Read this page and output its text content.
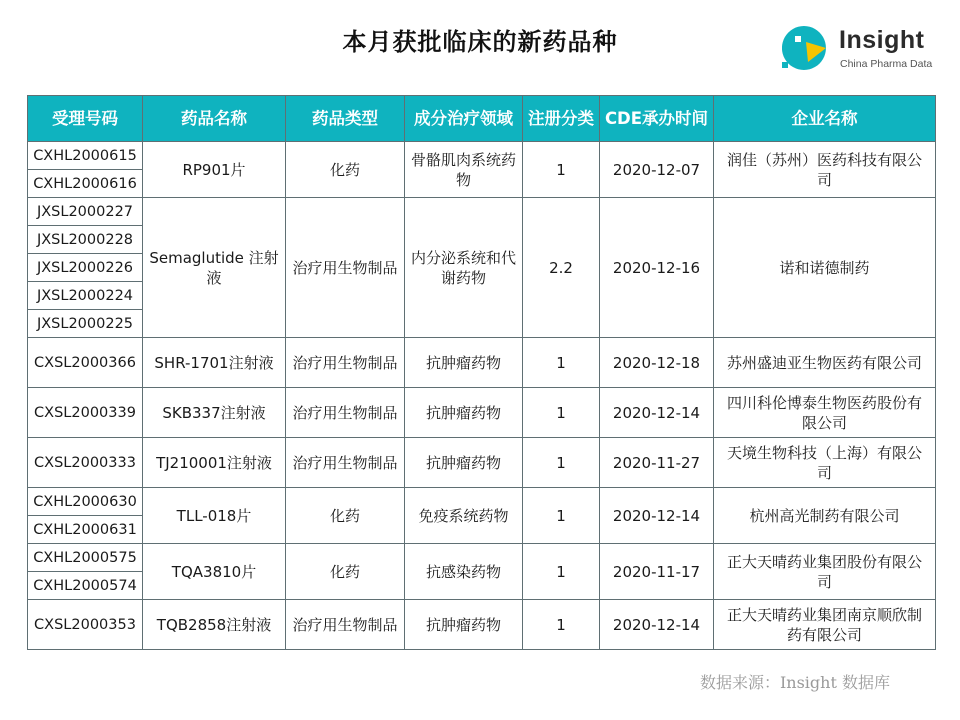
本月获批临床的新药品种	Insight
China Pharma Data
受理号码	药品名称	药品类型	成分治疗领域	注册分类	CDE承办时间	企业名称
CXHL2000615	RP901片	化药	骨骼肌肉系统药物	1	2020-12-07	润佳（苏州）医药科技有限公司
CXHL2000616						
JXSL2000227	Semaglutide 注射液	治疗用生物制品	内分泌系统和代谢药物	2.2	2020-12-16	诺和诺德制药
JXSL2000228						
JXSL2000226						
JXSL2000224						
JXSL2000225						
CXSL2000366	SHR-1701注射液	治疗用生物制品	抗肿瘤药物	1	2020-12-18	苏州盛迪亚生物医药有限公司
CXSL2000339	SKB337注射液	治疗用生物制品	抗肿瘤药物	1	2020-12-14	四川科伦博泰生物医药股份有限公司
CXSL2000333	TJ210001注射液	治疗用生物制品	抗肿瘤药物	1	2020-11-27	天境生物科技（上海）有限公司
CXHL2000630	TLL-018片	化药	免疫系统药物	1	2020-12-14	杭州高光制药有限公司
CXHL2000631						
CXHL2000575	TQA3810片	化药	抗感染药物	1	2020-11-17	正大天晴药业集团股份有限公司
CXHL2000574						
CXSL2000353	TQB2858注射液	治疗用生物制品	抗肿瘤药物	1	2020-12-14	正大天晴药业集团南京顺欣制药有限公司
数据来源：Insight 数据库
